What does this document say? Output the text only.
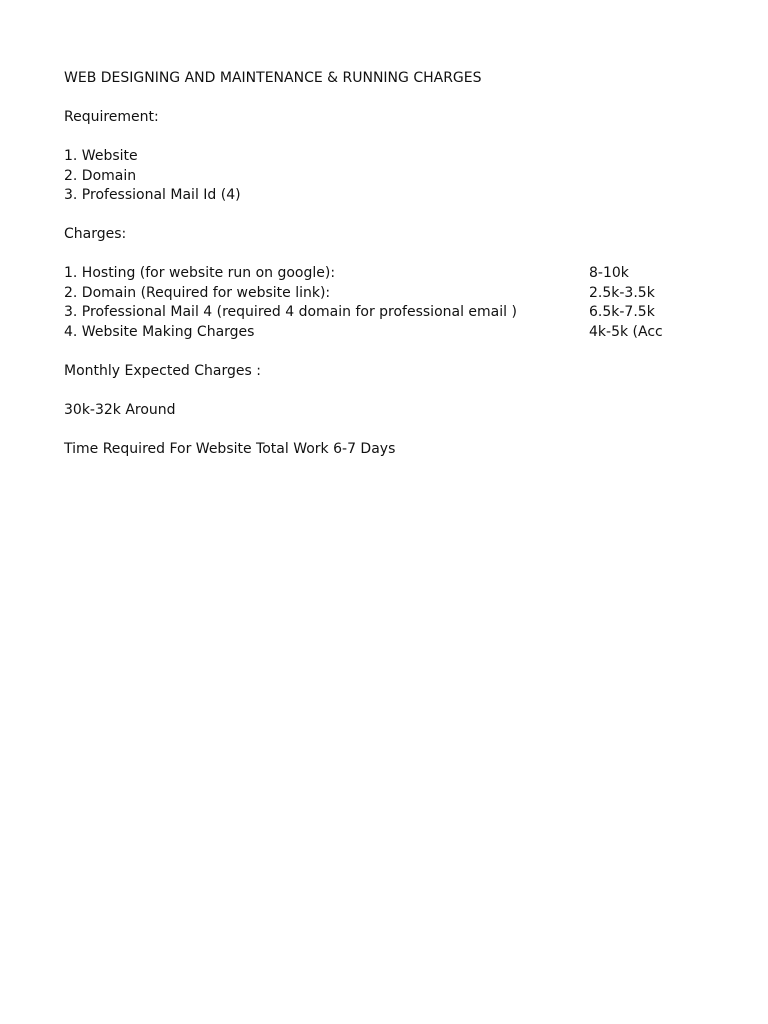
WEB DESIGNING AND MAINTENANCE & RUNNING CHARGES
Requirement:
1. Website
2. Domain
3. Professional Mail Id (4)
Charges:
1. Hosting (for website run on google):	8-10k
2. Domain (Required for website link):	2.5k-3.5k
3. Professional Mail 4 (required 4 domain for professional email )	6.5k-7.5k
4. Website Making Charges	4k-5k (Acc
Monthly Expected Charges :
30k-32k Around
Time Required For Website Total Work 6-7 Days
